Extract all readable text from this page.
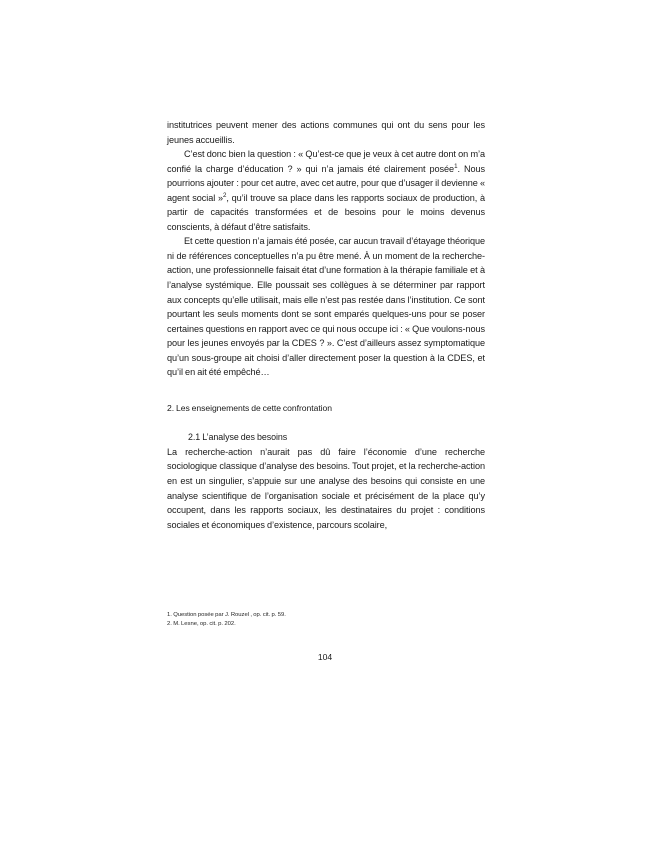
institutrices peuvent mener des actions communes qui ont du sens pour les jeunes accueillis.

C’est donc bien la question : « Qu’est-ce que je veux à cet autre dont on m’a confié la charge d’éducation ? » qui n’a jamais été clairement posée$^1$. Nous pourrions ajouter : pour cet autre, avec cet autre, pour que d’usager il devienne « agent social »$^2$, qu’il trouve sa place dans les rapports sociaux de production, à partir de capacités transformées et de besoins pour le moins devenus conscients, à défaut d’être satisfaits.

Et cette question n’a jamais été posée, car aucun travail d’étayage théorique ni de références conceptuelles n’a pu être mené. À un moment de la recherche-action, une professionnelle faisait état d’une formation à la thérapie familiale et à l’analyse systémique. Elle poussait ses collègues à se déterminer par rapport aux concepts qu’elle utilisait, mais elle n’est pas restée dans l’institution. Ce sont pourtant les seuls moments dont se sont emparés quelques-uns pour se poser certaines questions en rapport avec ce qui nous occupe ici : « Que voulons-nous pour les jeunes envoyés par la CDES ? ». C’est d’ailleurs assez symptomatique qu’un sous-groupe ait choisi d’aller directement poser la question à la CDES, et qu’il en ait été empêché…

2. Les enseignements de cette confrontation

2.1 L’analyse des besoins

La recherche-action n’aurait pas dû faire l’économie d’une recherche sociologique classique d’analyse des besoins. Tout projet, et la recherche-action en est un singulier, s’appuie sur une analyse des besoins qui consiste en une analyse scientifique de l’organisation sociale et précisément de la place qu’y occupent, dans les rapports sociaux, les destinataires du projet : conditions sociales et économiques d’existence, parcours scolaire,

1. Question posée par J. Rouzel , op. cit. p. 59.

2. M. Lesne, op. cit. p. 202.

104
